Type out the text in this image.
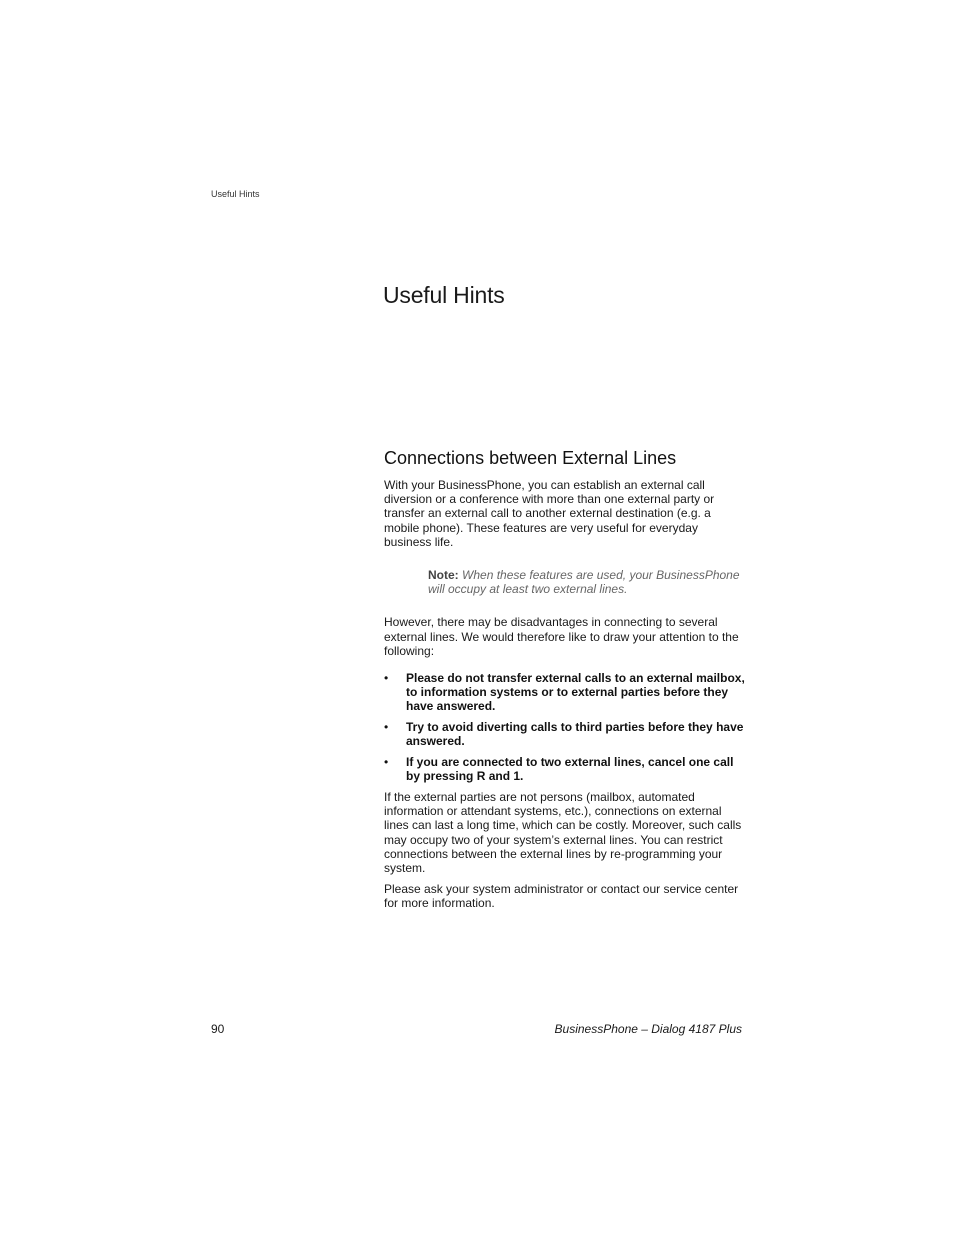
Useful Hints

Useful Hints
Connections between External Lines

With your BusinessPhone, you can establish an external call diversion or a conference with more than one external party or transfer an external call to another external destination (e.g. a mobile phone). These features are very useful for everyday business life.

Note: When these features are used, your BusinessPhone will occupy at least two external lines.

However, there may be disadvantages in connecting to several external lines. We would therefore like to draw your attention to the following:

• Please do not transfer external calls to an external mailbox, to information systems or to external parties before they have answered.
• Try to avoid diverting calls to third parties before they have answered.
• If you are connected to two external lines, cancel one call by pressing R and 1.

If the external parties are not persons (mailbox, automated information or attendant systems, etc.), connections on external lines can last a long time, which can be costly. Moreover, such calls may occupy two of your system’s external lines. You can restrict connections between the external lines by re-programming your system.

Please ask your system administrator or contact our service center for more information.

90	BusinessPhone – Dialog 4187 Plus
